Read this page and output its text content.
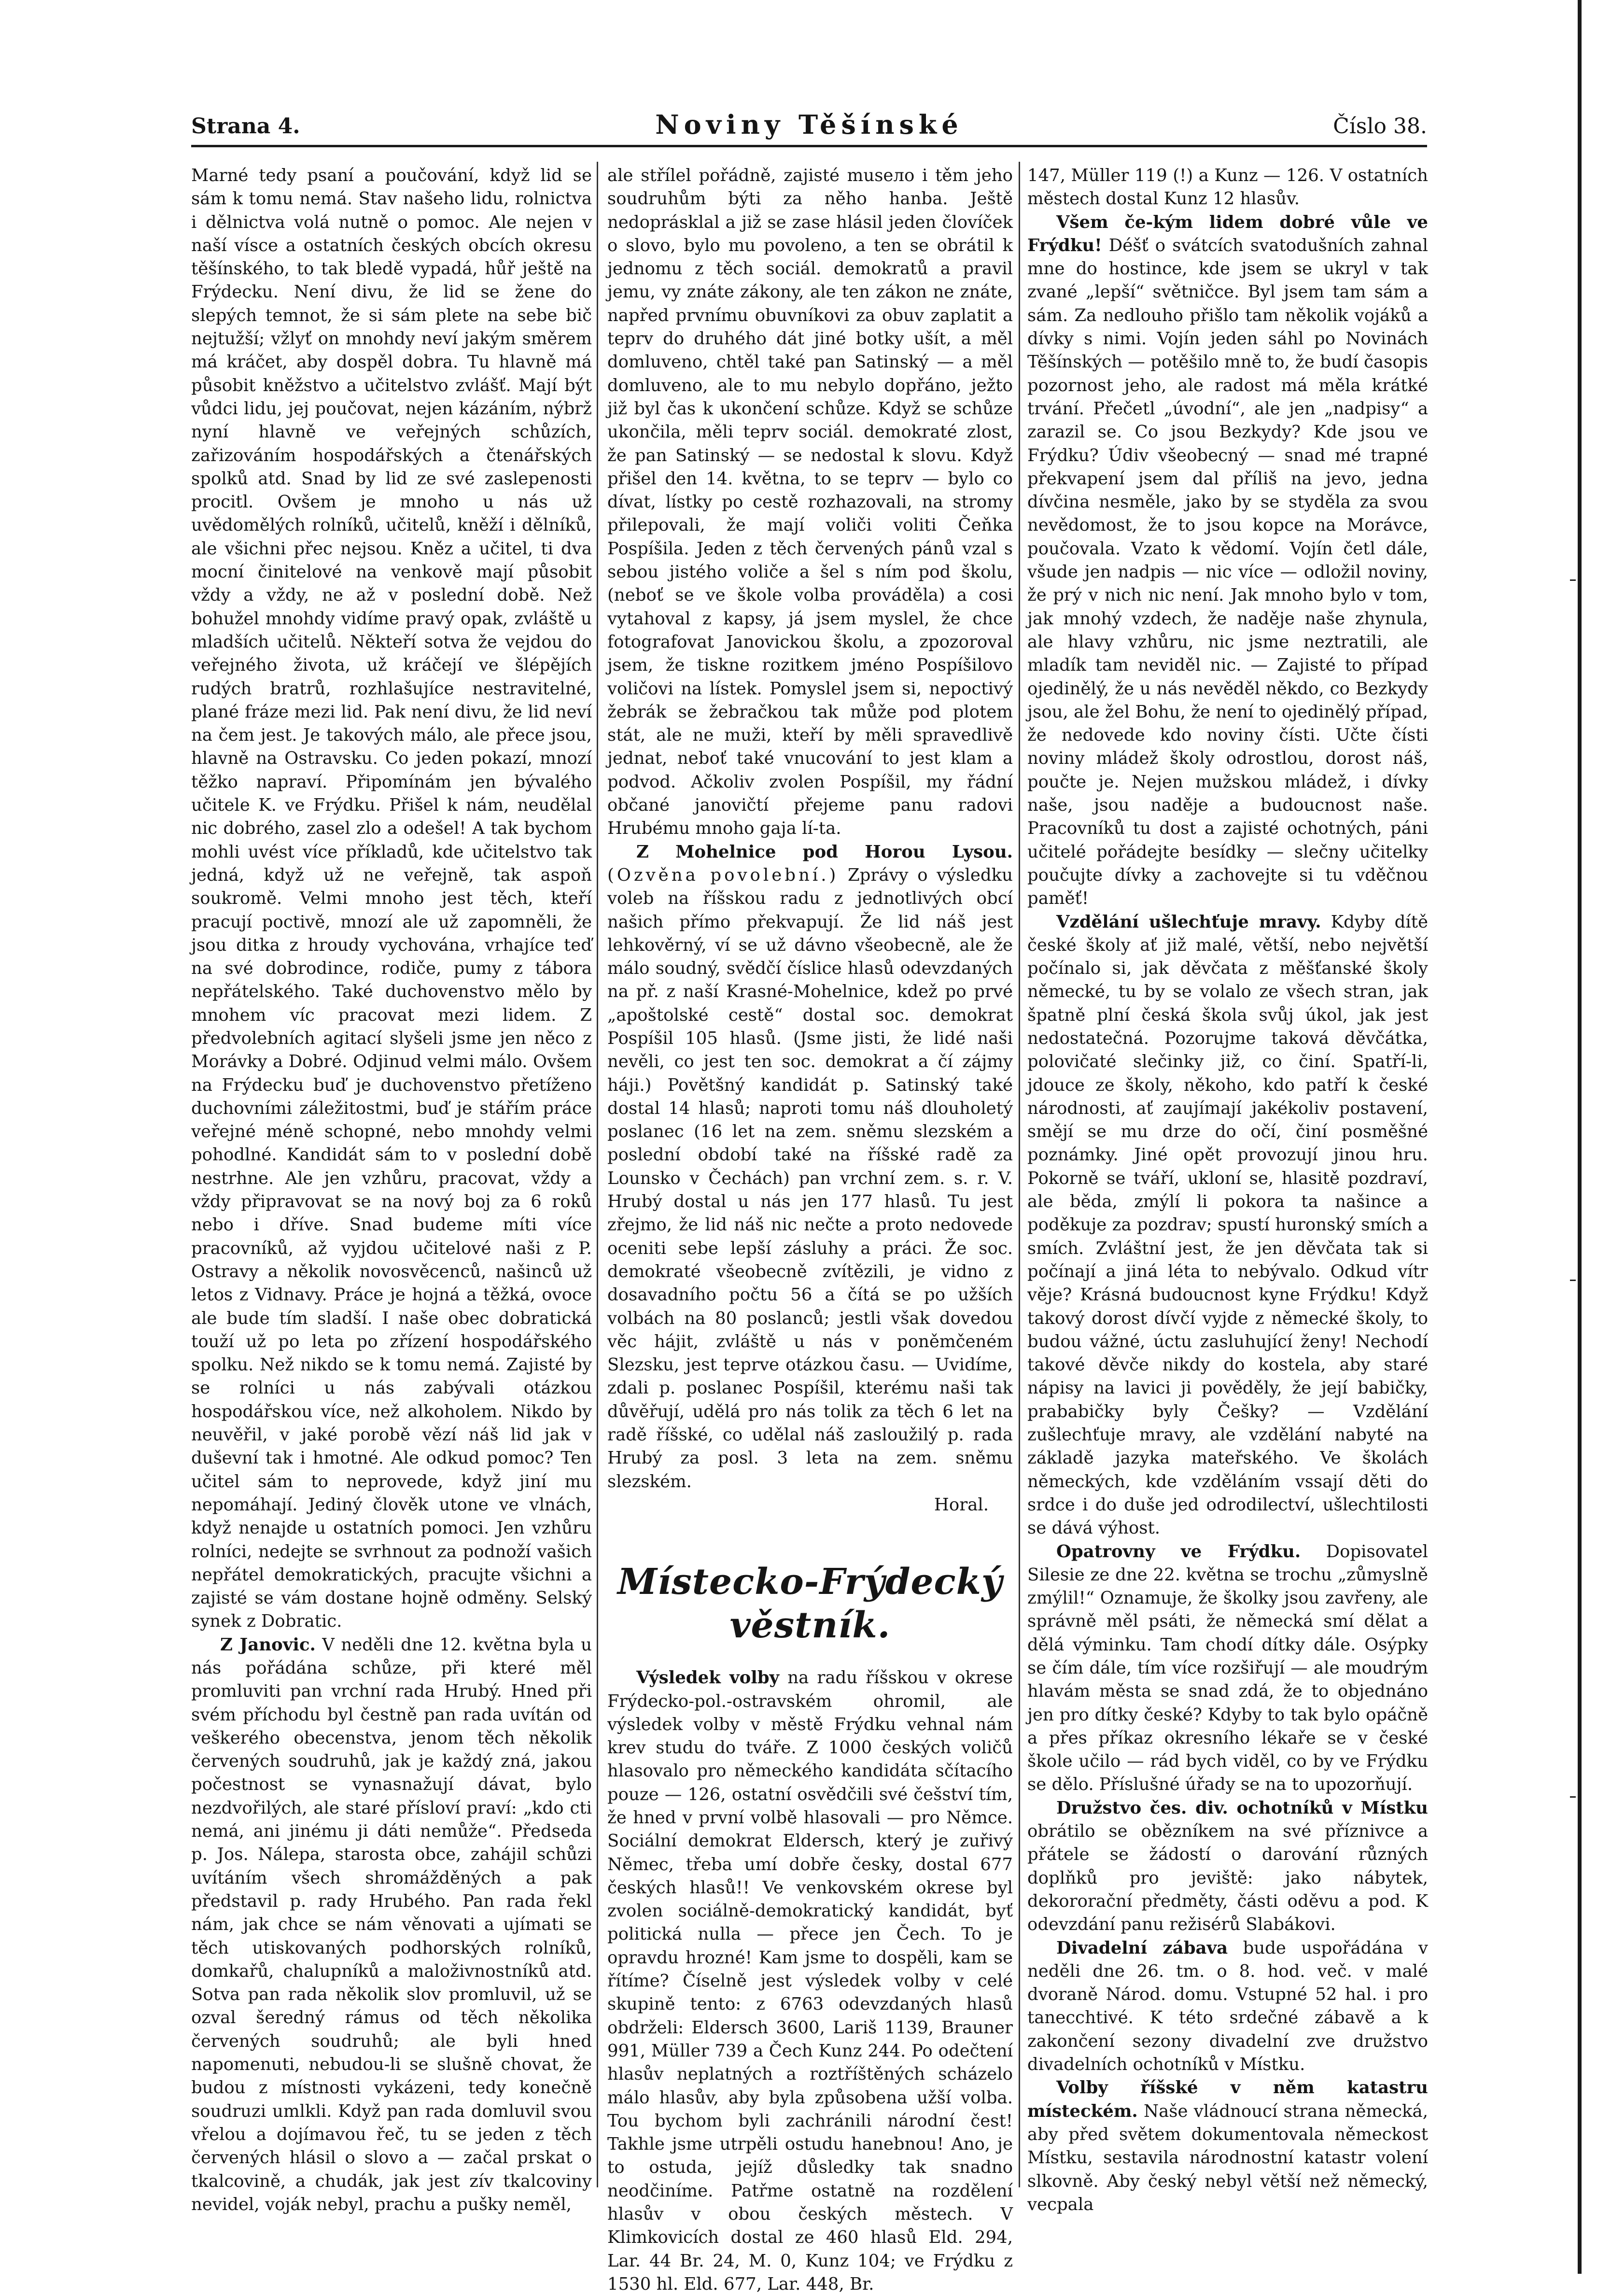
Strana 4.	Noviny Těšínské	Číslo 38.

Marné tedy psaní a poučování, když lid se sám k tomu nemá. Stav našeho lidu, rolnictva i dělnictva volá nutně o pomoc. Ale nejen v naší vísce a ostatních českých obcích okresu těšínského, to tak bledě vypadá, hůř ještě na Frýdecku. Není divu, že lid se žene do slepých temnot, že si sám plete na sebe bič nejtužší; vžlyť on mnohdy neví jakým směrem má kráčet, aby dospěl dobra. Tu hlavně má působit kněžstvo a učitelstvo zvlášť. Mají být vůdci lidu, jej poučovat, nejen kázáním, nýbrž nyní hlavně ve veřejných schůzích, zařizováním hospodářských a čtenářských spolků atd. Snad by lid ze své zaslepenosti procitl. Ovšem je mnoho u nás už uvědomělých rolníků, učitelů, kněží i dělníků, ale všichni přec nejsou. Kněz a učitel, ti dva mocní činitelové na venkově mají působit vždy a vždy, ne až v poslední době. Než bohužel mnohdy vidíme pravý opak, zvláště u mladších učitelů. Někteří sotva že vejdou do veřejného života, už kráčejí ve šlépějích rudých bratrů, rozhlašujíce nestravitelné, plané fráze mezi lid. Pak není divu, že lid neví na čem jest. Je takových málo, ale přece jsou, hlavně na Ostravsku. Co jeden pokazí, mnozí těžko napraví. Připomínám jen bývalého učitele K. ve Frýdku. Přišel k nám, neudělal nic dobrého, zasel zlo a odešel! A tak bychom mohli uvést více příkladů, kde učitelstvo tak jedná, když už ne veřejně, tak aspoň soukromě. Velmi mnoho jest těch, kteří pracují poctivě, mnozí ale už zapomněli, že jsou ditka z hroudy vychována, vrhajíce teď na své dobrodince, rodiče, pumy z tábora nepřátelského. Také duchovenstvo mělo by mnohem víc pracovat mezi lidem. Z předvolebních agitací slyšeli jsme jen něco z Morávky a Dobré. Odjinud velmi málo. Ovšem na Frýdecku buď je duchovenstvo přetíženo duchovními záležitostmi, buď je stářím práce veřejné méně schopné, nebo mnohdy velmi pohodlné. Kandidát sám to v poslední době nestrhne. Ale jen vzhůru, pracovat, vždy a vždy připravovat se na nový boj za 6 roků nebo i dříve. Snad budeme míti více pracovníků, až vyjdou učitelové naši z P. Ostravy a několik novosvěcenců, našinců už letos z Vidnavy. Práce je hojná a těžká, ovoce ale bude tím sladší. I naše obec dobratická touží už po leta po zřízení hospodářského spolku. Než nikdo se k tomu nemá. Zajisté by se rolníci u nás zabývali otázkou hospodářskou více, než alkoholem. Nikdo by neuvěřil, v jaké porobě vězí náš lid jak v duševní tak i hmotné. Ale odkud pomoc? Ten učitel sám to neprovede, když jiní mu nepomáhají. Jediný člověk utone ve vlnách, když nenajde u ostatních pomoci. Jen vzhůru rolníci, nedejte se svrhnout za podnoží vašich nepřátel demokratických, pracujte všichni a zajisté se vám dostane hojně odměny. Selský synek z Dobratic.

Z Janovic. V neděli dne 12. května byla u nás pořádána schůze, při které měl promluviti pan vrchní rada Hrubý. Hned při svém příchodu byl čestně pan rada uvítán od veškerého obecenstva, jenom těch několik červených soudruhů, jak je každý zná, jakou počestnost se vynasnažují dávat, bylo nezdvořilých, ale staré přísloví praví: „kdo cti nemá, ani jinému ji dáti nemůže“. Předseda p. Jos. Nálepa, starosta obce, zahájil schůzi uvítáním všech shromážděných a pak představil p. rady Hrubého. Pan rada řekl nám, jak chce se nám věnovati a ujímati se těch utiskovaných podhorských rolníků, domkařů, chalupníků a maloživnostníků atd. Sotva pan rada několik slov promluvil, už se ozval šeredný rámus od těch několika červených soudruhů; ale byli hned napomenuti, nebudou-li se slušně chovat, že budou z místnosti vykázeni, tedy konečně soudruzi umlkli. Když pan rada domluvil svou vřelou a dojímavou řeč, tu se jeden z těch červených hlásil o slovo a — začal prskat o tkalcovině, a chudák, jak jest zív tkalcoviny nevidel, voják nebyl, prachu a pušky neměl,

ale střílel pořádně, zajisté museло i těm jeho soudruhům býti za něho hanba. Ještě nedoprásklal a již se zase hlásil jeden človíček o slovo, bylo mu povoleno, a ten se obrátil k jednomu z těch sociál. demokratů a pravil jemu, vy znáte zákony, ale ten zákon ne znáte, napřed prvnímu obuvníkovi za obuv zaplatit a teprv do druhého dát jiné botky ušít, a měl domluveno, chtěl také pan Satinský — a měl domluveno, ale to mu nebylo dopřáno, ježto již byl čas k ukončení schůze. Když se schůze ukončila, měli teprv sociál. demokraté zlost, že pan Satinský — se nedostal k slovu. Když přišel den 14. května, to se teprv — bylo co dívat, lístky po cestě rozhazovali, na stromy přilepovali, že mají voliči voliti Čeňka Pospíšila. Jeden z těch červených pánů vzal s sebou jistého voliče a šel s ním pod školu, (neboť se ve škole volba prováděla) a cosi vytahoval z kapsy, já jsem myslel, že chce fotografovat Janovickou školu, a zpozoroval jsem, že tiskne rozitkem jméno Pospíšilovo voličovi na lístek. Pomyslel jsem si, nepoctivý žebrák se žebračkou tak může pod plotem stát, ale ne muži, kteří by měli spravedlivě jednat, neboť také vnucování to jest klam a podvod. Ačkoliv zvolen Pospíšil, my řádní občané janovičtí přejeme panu radovi Hrubému mnoho gaja lí-ta.

Z Mohelnice pod Horou Lysou. (Ozvěna povolební.) Zprávy o výsledku voleb na říšskou radu z jednotlivých obcí našich přímo překvapují. Že lid náš jest lehkověrný, ví se už dávno všeobecně, ale že málo soudný, svědčí číslice hlasů odevzdaných na př. z naší Krasné-Mohelnice, kdež po prvé „apoštolské cestě“ dostal soc. demokrat Pospíšil 105 hlasů. (Jsme jisti, že lidé naši nevěli, co jest ten soc. demokrat a čí zájmy háji.) Povětšný kandidát p. Satinský také dostal 14 hlasů; naproti tomu náš dlouholetý poslanec (16 let na zem. sněmu slezském a poslední období také na říšské radě za Lounsko v Čechách) pan vrchní zem. s. r. V. Hrubý dostal u nás jen 177 hlasů. Tu jest zřejmo, že lid náš nic nečte a proto nedovede oceniti sebe lepší zásluhy a práci. Že soc. demokraté všeobecně zvítězili, je vidno z dosavadního počtu 56 a čítá se po užších volbách na 80 poslanců; jestli však dovedou věc hájit, zvláště u nás v poněmčeném Slezsku, jest teprve otázkou času. — Uvidíme, zdali p. poslanec Pospíšil, kterému naši tak důvěřují, udělá pro nás tolik za těch 6 let na radě říšské, co udělal náš zasloužilý p. rada Hrubý za posl. 3 leta na zem. sněmu slezském.

Horal.

Místecko-Frýdecký věstník.

Výsledek volby na radu říšskou v okrese Frýdecko-pol.-ostravském ohromil, ale výsledek volby v městě Frýdku vehnal nám krev studu do tváře. Z 1000 českých voličů hlasovalo pro německého kandidáta sčítacího pouze — 126, ostatní osvědčili své češství tím, že hned v první volbě hlasovali — pro Němce. Sociální demokrat Eldersch, který je zuřivý Němec, třeba umí dobře česky, dostal 677 českých hlasů!! Ve venkovském okrese byl zvolen sociálně-demokratický kandidát, byť politická nulla — přece jen Čech. To je opravdu hrozné! Kam jsme to dospěli, kam se řítíme? Číselně jest výsledek volby v celé skupině tento: z 6763 odevzdaných hlasů obdrželi: Eldersch 3600, Lariš 1139, Brauner 991, Müller 739 a Čech Kunz 244. Po odečtení hlasův neplatných a roztříštěných scházelo málo hlasův, aby byla způsobena užší volba. Tou bychom byli zachránili národní čest! Takhle jsme utrpěli ostudu hanebnou! Ano, je to ostuda, jejíž důsledky tak snadno neodčiníme. Patřme ostatně na rozdělení hlasův v obou českých městech. V Klimkovicích dostal ze 460 hlasů Eld. 294, Lar. 44 Br. 24, M. 0, Kunz 104; ve Frýdku z 1530 hl. Eld. 677, Lar. 448, Br.

147, Müller 119 (!) a Kunz — 126. V ostatních městech dostal Kunz 12 hlasův.

Všem če-kým lidem dobré vůle ve Frýdku! Déšť o svátcích svatodušních zahnal mne do hostince, kde jsem se ukryl v tak zvané „lepší“ světničce. Byl jsem tam sám a sám. Za nedlouho přišlo tam několik vojáků a dívky s nimi. Vojín jeden sáhl po Novinách Těšínských — potěšilo mně to, že budí časopis pozornost jeho, ale radost má měla krátké trvání. Přečetl „úvodní“, ale jen „nadpisy“ a zarazil se. Co jsou Bezkydy? Kde jsou ve Frýdku? Údiv všeobecný — snad mé trapné překvapení jsem dal příliš na jevo, jedna dívčina nesměle, jako by se styděla za svou nevědomost, že to jsou kopce na Morávce, poučovala. Vzato k vědomí. Vojín četl dále, všude jen nadpis — nic více — odložil noviny, že prý v nich nic není. Jak mnoho bylo v tom, jak mnohý vzdech, že naděje naše zhynula, ale hlavy vzhůru, nic jsme neztratili, ale mladík tam neviděl nic. — Zajisté to případ ojedinělý, že u nás nevěděl někdo, co Bezkydy jsou, ale žel Bohu, že není to ojedinělý případ, že nedovede kdo noviny čísti. Učte čísti noviny mládež školy odrostlou, dorost náš, poučte je. Nejen mužskou mládež, i dívky naše, jsou naděje a budoucnost naše. Pracovníků tu dost a zajisté ochotných, páni učitelé pořádejte besídky — slečny učitelky poučujte dívky a zachovejte si tu vděčnou paměť!

Vzdělání ušlechťuje mravy. Kdyby dítě české školy ať již malé, větší, nebo největší počínalo si, jak děvčata z měšťanské školy německé, tu by se volalo ze všech stran, jak špatně plní česká škola svůj úkol, jak jest nedostatečná. Pozorujme taková děvčátka, polovičaté slečinky již, co činí. Spatří-li, jdouce ze školy, někoho, kdo patří k české národnosti, ať zaujímají jakékoliv postavení, smějí se mu drze do očí, činí posměšné poznámky. Jiné opět provozují jinou hru. Pokorně se tváří, ukloní se, hlasitě pozdraví, ale běda, zmýlí li pokora ta našince a poděkuje za pozdrav; spustí huronský smích a smích. Zvláštní jest, že jen děvčata tak si počínají a jiná léta to nebývalo. Odkud vítr věje? Krásná budoucnost kyne Frýdku! Když takový dorost dívčí vyjde z německé školy, to budou vážné, úctu zasluhující ženy! Nechodí takové děvče nikdy do kostela, aby staré nápisy na lavici ji pověděly, že její babičky, prababičky byly Češky? — Vzdělání zušlechťuje mravy, ale vzdělání nabyté na základě jazyka mateřského. Ve školách německých, kde vzděláním vssají děti do srdce i do duše jed odrodilectví, ušlechtilosti se dává výhost.

Opatrovny ve Frýdku. Dopisovatel Silesie ze dne 22. května se trochu „zůmyslně zmýlil!“ Oznamuje, že školky jsou zavřeny, ale správně měl psáti, že německá smí dělat a dělá výminku. Tam chodí dítky dále. Osýpky se čím dále, tím více rozšiřují — ale moudrým hlavám města se snad zdá, že to objednáno jen pro dítky české? Kdyby to tak bylo opáčně a přes příkaz okresního lékaře se v české škole učilo — rád bych viděl, co by ve Frýdku se dělo. Příslušné úřady se na to upozorňují.

Družstvo čes. div. ochotníků v Místku obrátilo se obězníkem na své příznivce a přátele se žádostí o darování různých doplňků pro jeviště: jako nábytek, dekororační předměty, části oděvu a pod. K odevzdání panu režisérů Slabákovi.

Divadelní zábava bude uspořádána v neděli dne 26. tm. o 8. hod. več. v malé dvoraně Národ. domu. Vstupné 52 hal. i pro tanecchtivé. K této srdečné zábavě a k zakončení sezony divadelní zve družstvo divadelních ochotníků v Místku.

Volby říšské v něm katastru místeckém. Naše vládnoucí strana německá, aby před světem dokumentovala německost Místku, sestavila národnostní katastr volení slkovně. Aby český nebyl větší než německý, vecpala
